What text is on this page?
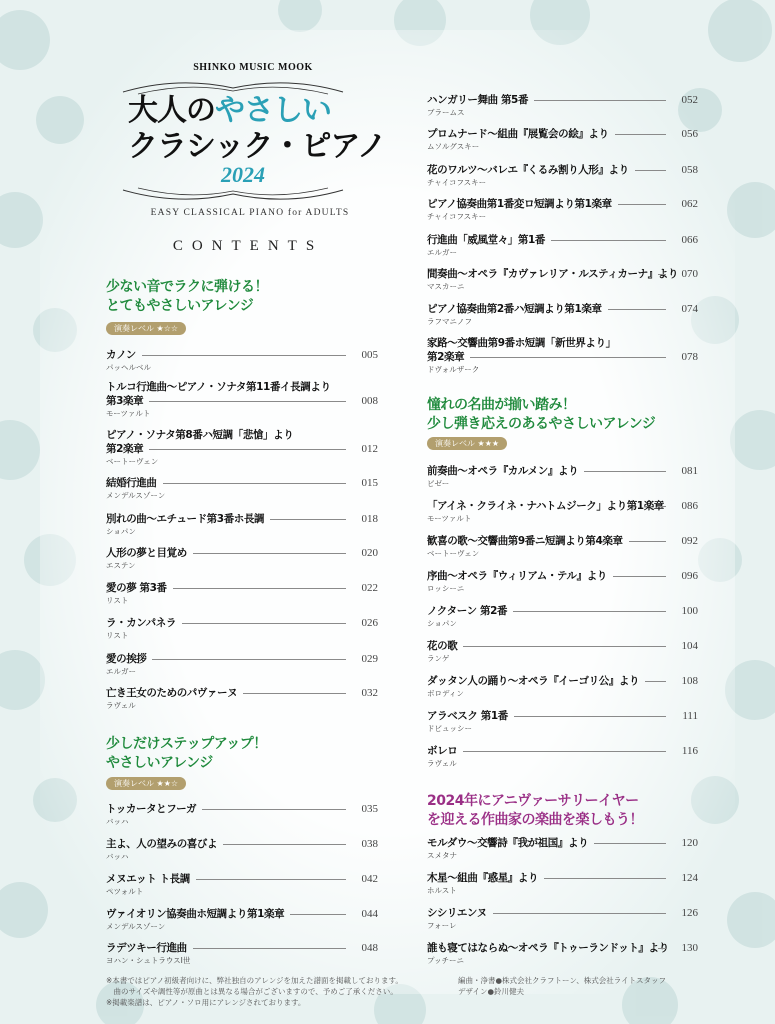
SHINKO MUSIC MOOK
大人のやさしい
クラシック・ピアノ
2024
EASY CLASSICAL PIANO for ADULTS
CONTENTS
少ない音でラクに弾ける！
とてもやさしいアレンジ
演奏レベル ★☆☆
少しだけステップアップ！
やさしいアレンジ
演奏レベル ★★☆
憧れの名曲が揃い踏み！
少し弾き応えのあるやさしいアレンジ
演奏レベル ★★★
2024年にアニヴァーサリーイヤー
を迎える作曲家の楽曲を楽しもう！
カノン
パッヘルベル
005
トルコ行進曲～ピアノ・ソナタ第11番イ長調より
第3楽章
モーツァルト
008
ピアノ・ソナタ第8番ハ短調「悲愴」より
第2楽章
ベートーヴェン
012
結婚行進曲
メンデルスゾーン
015
別れの曲～エチュード第3番ホ長調
ショパン
018
人形の夢と目覚め
エステン
020
愛の夢 第3番
リスト
022
ラ・カンパネラ
リスト
026
愛の挨拶
エルガー
029
亡き王女のためのパヴァーヌ
ラヴェル
032
トッカータとフーガ
バッハ
035
主よ、人の望みの喜びよ
バッハ
038
メヌエット ト長調
ペツォルト
042
ヴァイオリン協奏曲ホ短調より第1楽章
メンデルスゾーン
044
ラデツキー行進曲
ヨハン・シュトラウスⅠ世
048
ハンガリー舞曲 第5番
ブラームス
052
プロムナード～組曲『展覧会の絵』より
ムソルグスキー
056
花のワルツ～バレエ『くるみ割り人形』より
チャイコフスキー
058
ピアノ協奏曲第1番変ロ短調より第1楽章
チャイコフスキー
062
行進曲「威風堂々」第1番
エルガー
066
間奏曲～オペラ『カヴァレリア・ルスティカーナ』より
マスカーニ
070
ピアノ協奏曲第2番ハ短調より第1楽章
ラフマニノフ
074
家路～交響曲第9番ホ短調「新世界より」
第2楽章
ドヴォルザーク
078
前奏曲～オペラ『カルメン』より
ビゼー
081
「アイネ・クライネ・ナハトムジーク」より第1楽章
モーツァルト
086
歓喜の歌～交響曲第9番ニ短調より第4楽章
ベートーヴェン
092
序曲～オペラ『ウィリアム・テル』より
ロッシーニ
096
ノクターン 第2番
ショパン
100
花の歌
ランゲ
104
ダッタン人の踊り～オペラ『イーゴリ公』より
ボロディン
108
アラベスク 第1番
ドビュッシー
111
ボレロ
ラヴェル
116
モルダウ～交響詩『我が祖国』より
スメタナ
120
木星～組曲『惑星』より
ホルスト
124
シシリエンヌ
フォーレ
126
誰も寝てはならぬ～オペラ『トゥーランドット』より
プッチーニ
130
※本書ではピアノ初級者向けに、弊社独自のアレンジを加えた譜面を掲載しております。
　曲のサイズや調性等が原曲とは異なる場合がございますので、予めご了承ください。
※掲載楽譜は、ピアノ・ソロ用にアレンジされております。
編曲・浄書●株式会社クラフトーン、株式会社ライトスタッフ
デザイン●鈴川健夫
